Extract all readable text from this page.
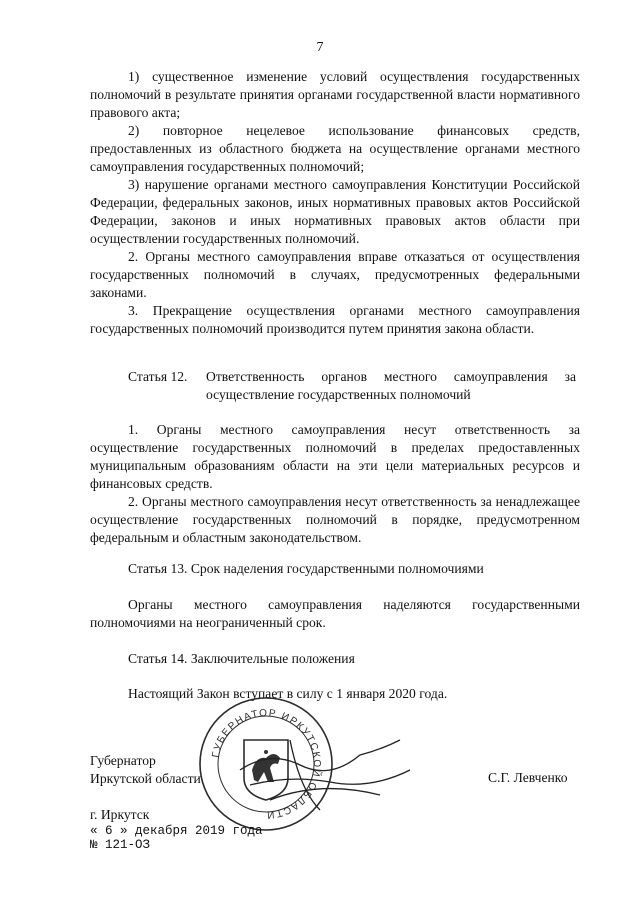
7

1) существенное изменение условий осуществления государственных полномочий в результате принятия органами государственной власти нормативного правового акта;

2) повторное нецелевое использование финансовых средств, предоставленных из областного бюджета на осуществление органами местного самоуправления государственных полномочий;

3) нарушение органами местного самоуправления Конституции Российской Федерации, федеральных законов, иных нормативных правовых актов Российской Федерации, законов и иных нормативных правовых актов области при осуществлении государственных полномочий.

2. Органы местного самоуправления вправе отказаться от осуществления государственных полномочий в случаях, предусмотренных федеральными законами.

3. Прекращение осуществления органами местного самоуправления государственных полномочий производится путем принятия закона области.

Статья 12. Ответственность органов местного самоуправления за осуществление государственных полномочий

1. Органы местного самоуправления несут ответственность за осуществление государственных полномочий в пределах предоставленных муниципальным образованиям области на эти цели материальных ресурсов и финансовых средств.

2. Органы местного самоуправления несут ответственность за ненадлежащее осуществление государственных полномочий в порядке, предусмотренном федеральным и областным законодательством.

Статья 13. Срок наделения государственными полномочиями

Органы местного самоуправления наделяются государственными полномочиями на неограниченный срок.

Статья 14. Заключительные положения
Настоящий Закон вступает в силу с 1 января 2020 года.
ГУБЕРНАТОР ИРКУТСКОЙ ОБЛАСТИ
Губернатор
Иркутской области	С.Г. Левченко
г. Иркутск
« 6 » декабря 2019 года
№ 121-ОЗ
